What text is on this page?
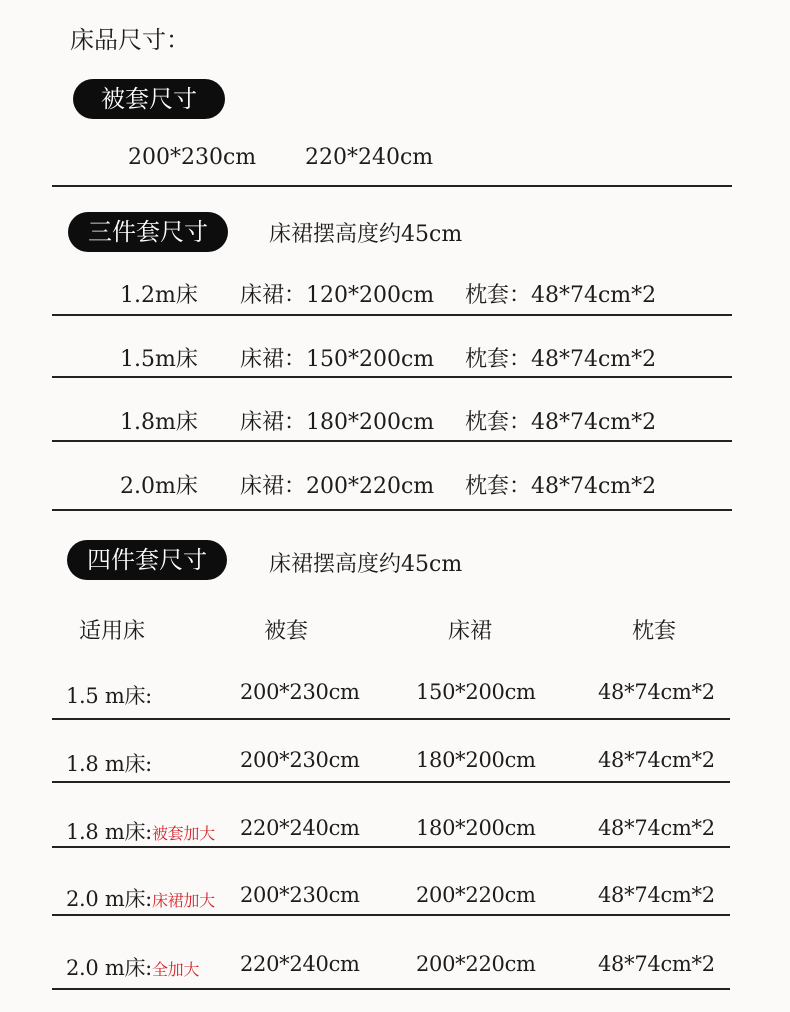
床品尺寸：
被套尺寸
200*230cm 220*240cm
三件套尺寸	床裙摆高度约45cm
1.2m床 床裙：120*200cm 枕套：48*74cm*2
1.5m床 床裙：150*200cm 枕套：48*74cm*2
1.8m床 床裙：180*200cm 枕套：48*74cm*2
2.0m床 床裙：200*220cm 枕套：48*74cm*2
四件套尺寸	床裙摆高度约45cm
适用床	被套	床裙	枕套
1.5 m床:	200*230cm	150*200cm	48*74cm*2
1.8 m床:	200*230cm	180*200cm	48*74cm*2
1.8 m床:被套加大 220*240cm	180*200cm	48*74cm*2
2.0 m床:床裙加大 200*230cm	200*220cm	48*74cm*2
2.0 m床:全加大 220*240cm	200*220cm	48*74cm*2
